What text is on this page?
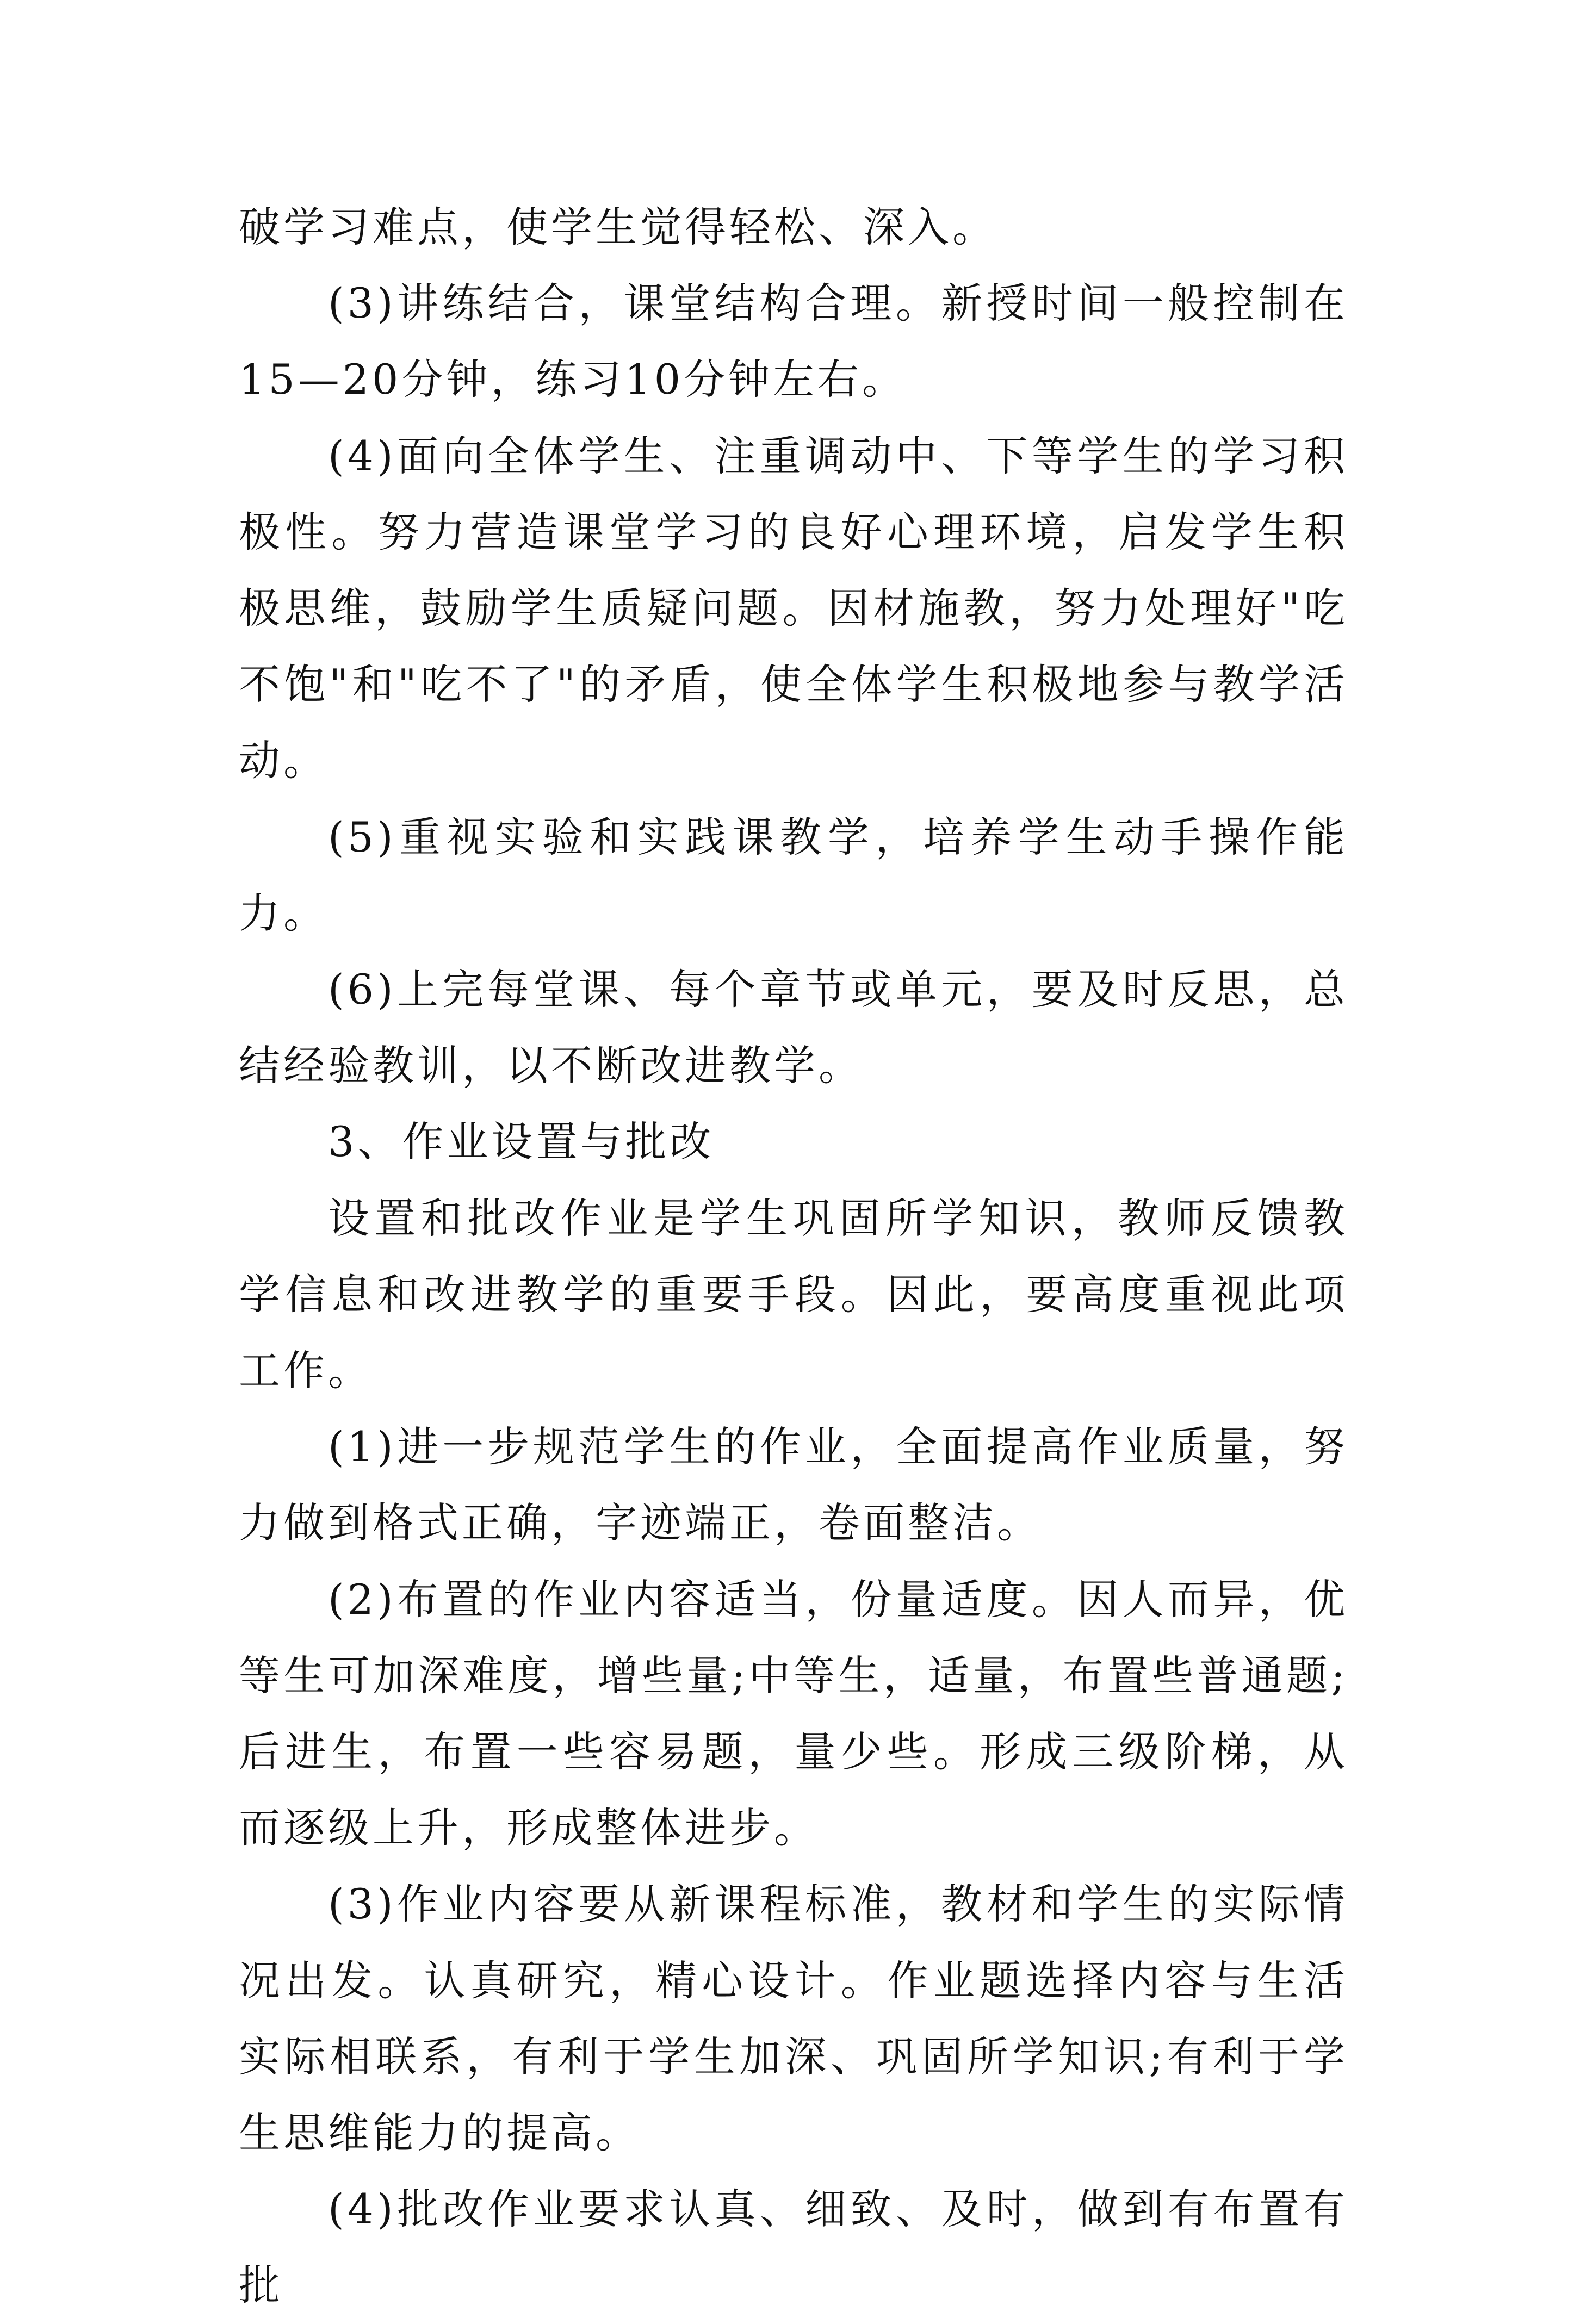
破学习难点，使学生觉得轻松、深入。

(3)讲练结合，课堂结构合理。新授时间一般控制在15—20分钟，练习10分钟左右。

(4)面向全体学生、注重调动中、下等学生的学习积极性。努力营造课堂学习的良好心理环境，启发学生积极思维，鼓励学生质疑问题。因材施教，努力处理好"吃不饱"和"吃不了"的矛盾，使全体学生积极地参与教学活动。

(5)重视实验和实践课教学，培养学生动手操作能力。

(6)上完每堂课、每个章节或单元，要及时反思，总结经验教训，以不断改进教学。

3、作业设置与批改

设置和批改作业是学生巩固所学知识，教师反馈教学信息和改进教学的重要手段。因此，要高度重视此项工作。

(1)进一步规范学生的作业，全面提高作业质量，努力做到格式正确，字迹端正，卷面整洁。

(2)布置的作业内容适当，份量适度。因人而异，优等生可加深难度，增些量;中等生，适量，布置些普通题;后进生，布置一些容易题，量少些。形成三级阶梯，从而逐级上升，形成整体进步。

(3)作业内容要从新课程标准，教材和学生的实际情况出发。认真研究，精心设计。作业题选择内容与生活实际相联系，有利于学生加深、巩固所学知识;有利于学生思维能力的提高。

(4)批改作业要求认真、细致、及时，做到有布置有批
